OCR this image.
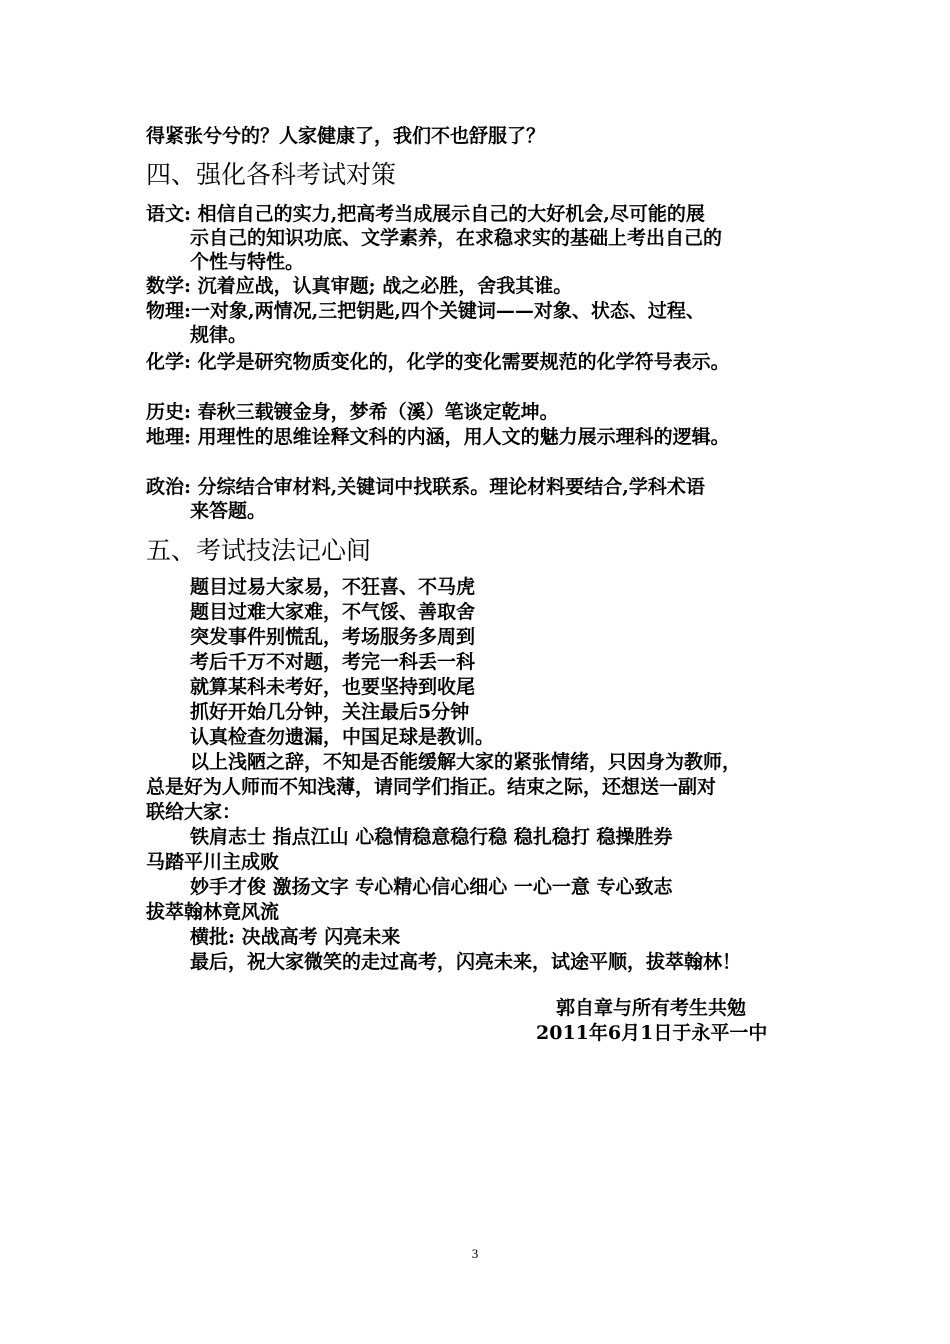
得紧张兮兮的？人家健康了，我们不也舒服了？
四、强化各科考试对策
语文: 相信自己的实力,把高考当成展示自己的大好机会,尽可能的展
示自己的知识功底、文学素养，在求稳求实的基础上考出自己的
个性与特性。
数学: 沉着应战，认真审题; 战之必胜，舍我其谁。
物理:一对象,两情况,三把钥匙,四个关键词——对象、状态、过程、
规律。
化学: 化学是研究物质变化的，化学的变化需要规范的化学符号表示。
历史: 春秋三载镀金身，梦希（溪）笔谈定乾坤。
地理: 用理性的思维诠释文科的内涵，用人文的魅力展示理科的逻辑。
政治: 分综结合审材料,关键词中找联系。理论材料要结合,学科术语
来答题。
五、考试技法记心间
题目过易大家易，不狂喜、不马虎
题目过难大家难，不气馁、善取舍
突发事件别慌乱，考场服务多周到
考后千万不对题，考完一科丢一科
就算某科未考好，也要坚持到收尾
抓好开始几分钟，关注最后5分钟
认真检查勿遗漏，中国足球是教训。
以上浅陋之辞，不知是否能缓解大家的紧张情绪，只因身为教师，
总是好为人师而不知浅薄，请同学们指正。结束之际，还想送一副对
联给大家：
铁肩志士 指点江山 心稳情稳意稳行稳 稳扎稳打 稳操胜券
马踏平川主成败
妙手才俊 激扬文字 专心精心信心细心 一心一意 专心致志
拔萃翰林竟风流
横批: 决战高考 闪亮未来
最后，祝大家微笑的走过高考，闪亮未来，试途平顺，拔萃翰林！
郭自章与所有考生共勉
2011年6月1日于永平一中
3
